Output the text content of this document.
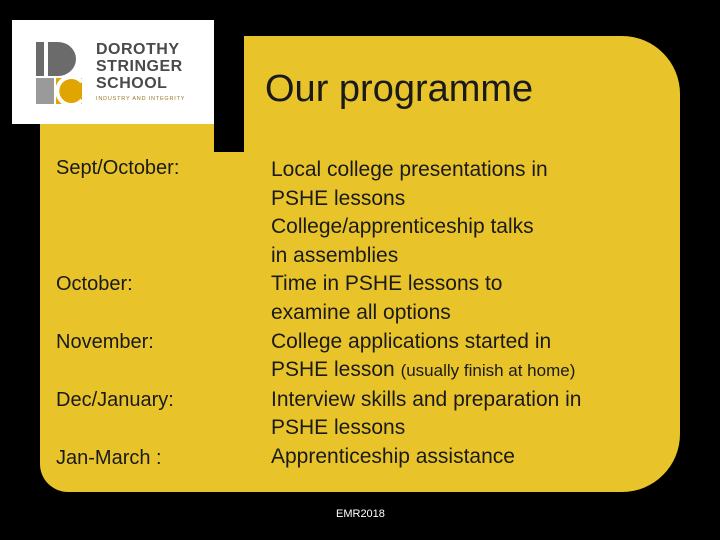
DOROTHY
STRINGER
SCHOOL
INDUSTRY AND INTEGRITY Our programme
Sept/October:
October:
November:
Dec/January:
Jan-March :
Local college presentations in
PSHE lessons
College/apprenticeship talks
in assemblies
Time in PSHE lessons to
examine all options
College applications started in
PSHE lesson (usually finish at home)
Interview skills and preparation in
PSHE lessons
Apprenticeship assistance
EMR2018
